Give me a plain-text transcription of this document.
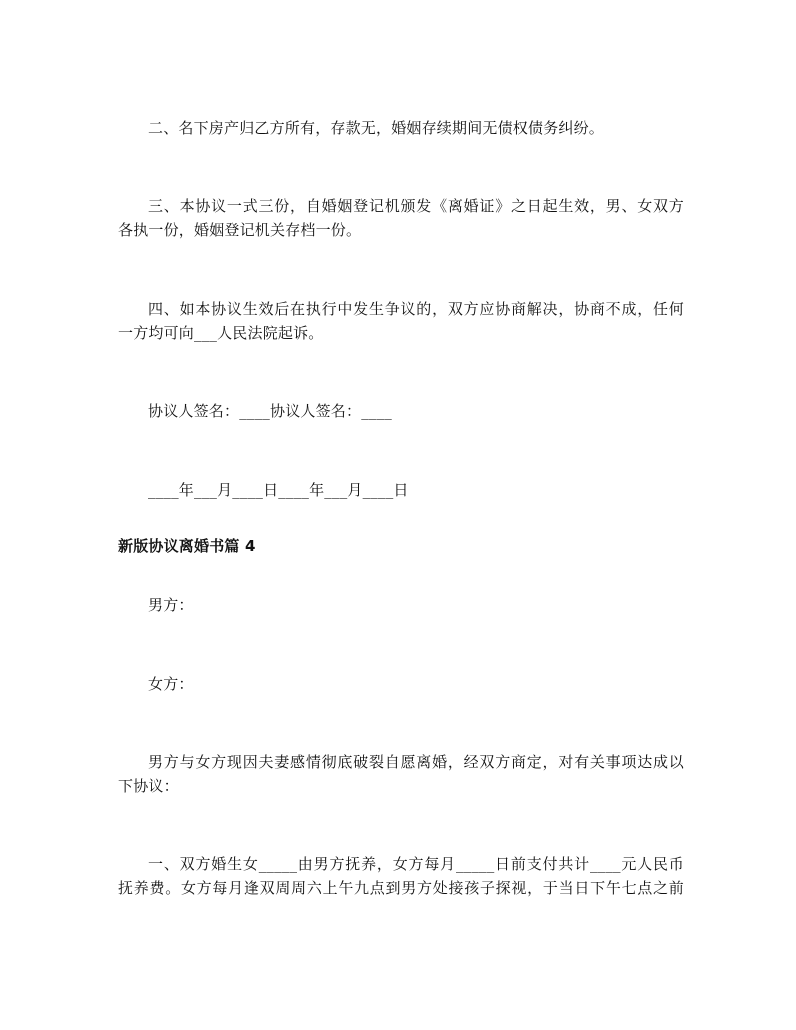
二、名下房产归乙方所有，存款无，婚姻存续期间无债权债务纠纷。
三、本协议一式三份，自婚姻登记机颁发《离婚证》之日起生效，男、女双方
各执一份，婚姻登记机关存档一份。
四、如本协议生效后在执行中发生争议的，双方应协商解决，协商不成，任何
一方均可向___人民法院起诉。
协议人签名：____协议人签名：____
____年___月____日____年___月____日
新版协议离婚书篇 4
男方：
女方：
男方与女方现因夫妻感情彻底破裂自愿离婚，经双方商定，对有关事项达成以
下协议：
一、双方婚生女_____由男方抚养，女方每月_____日前支付共计____元人民币
抚养费。女方每月逢双周周六上午九点到男方处接孩子探视，于当日下午七点之前
